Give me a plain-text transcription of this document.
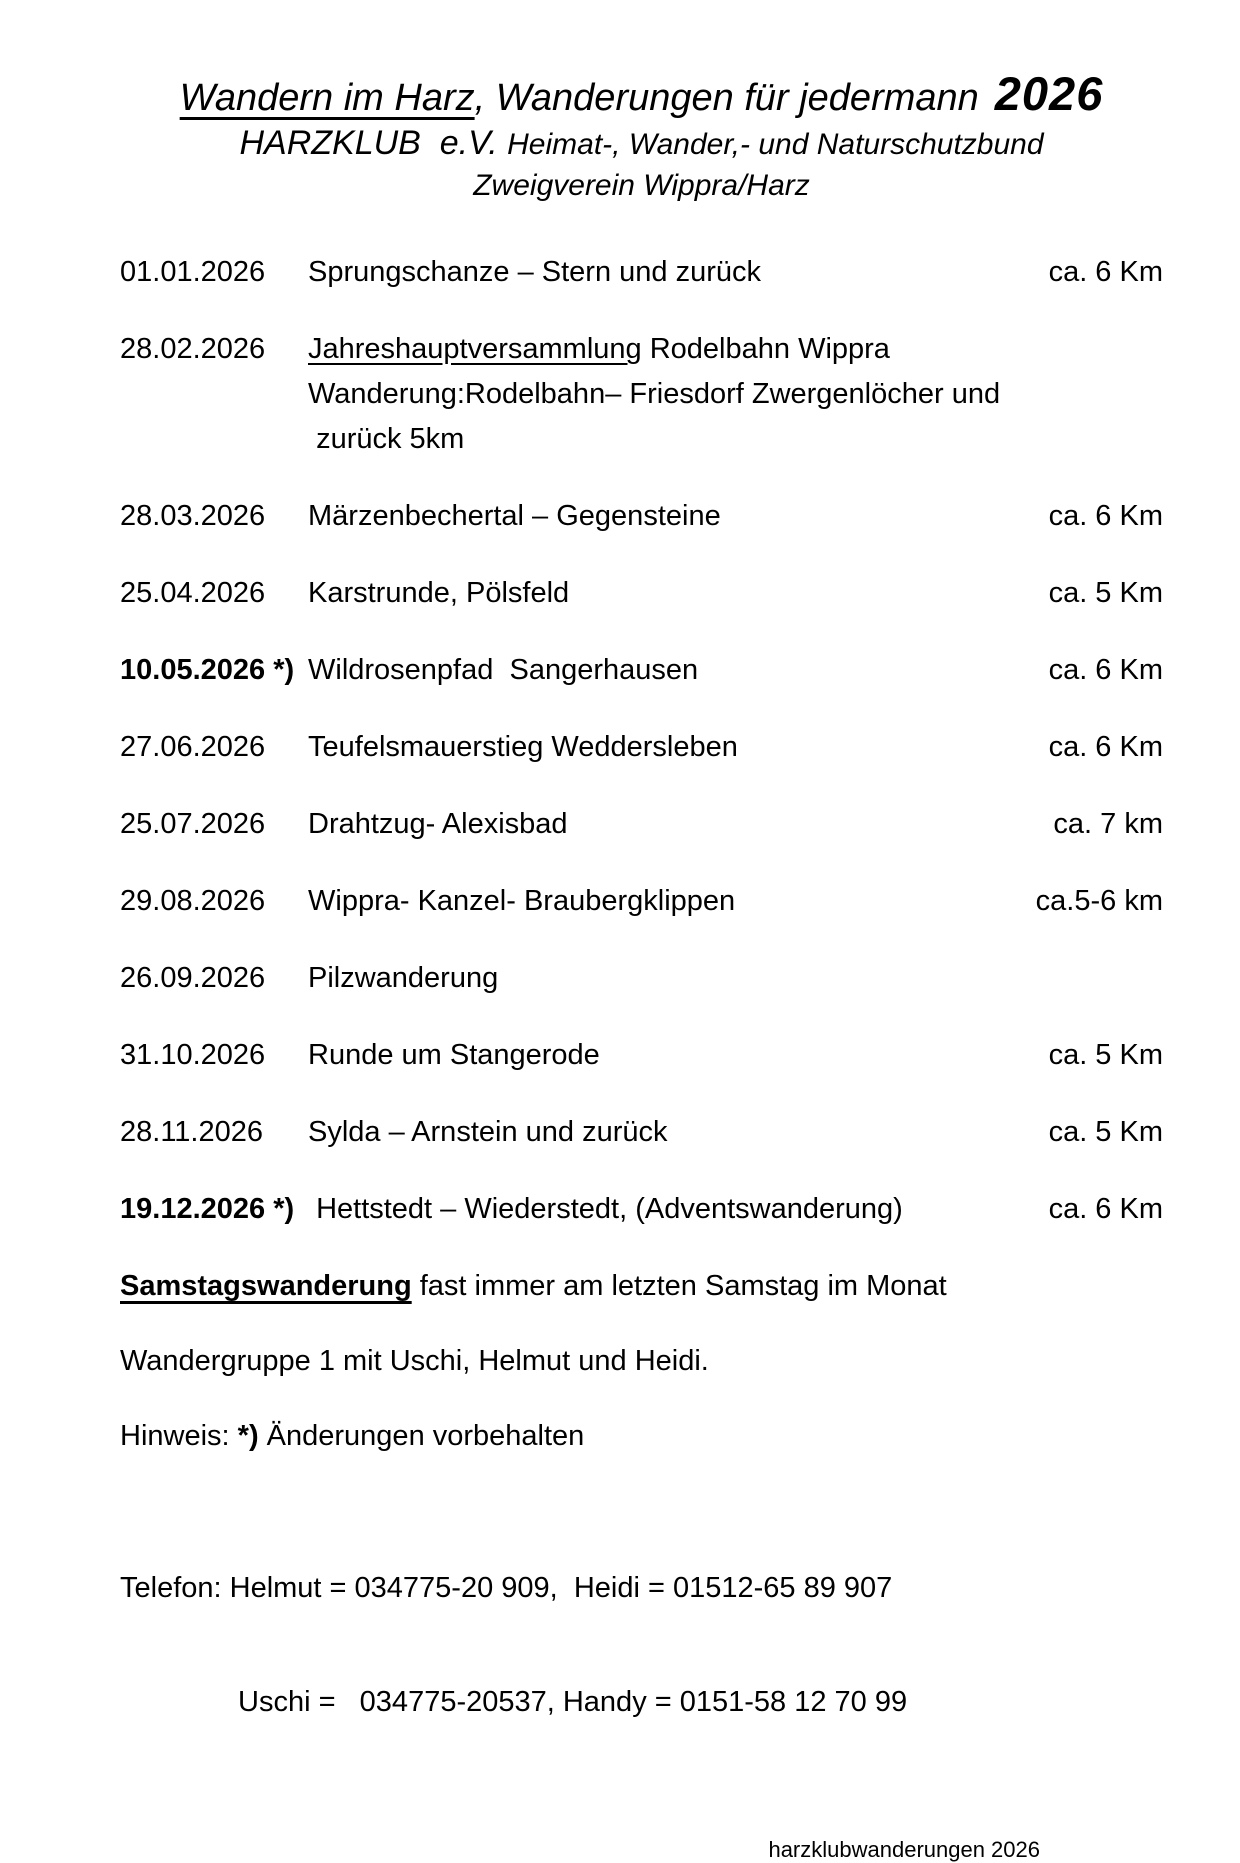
Wandern im Harz, Wanderungen für jedermann 2026
HARZKLUB  e.V. Heimat-, Wander,- und Naturschutzbund
Zweigverein Wippra/Harz
01.01.2026	Sprungschanze – Stern und zurück	ca. 6 Km
28.02.2026	Jahreshauptversammlung Rodelbahn Wippra
Wanderung:Rodelbahn– Friesdorf Zwergenlöcher und
zurück 5km
28.03.2026	Märzenbechertal – Gegensteine	ca. 6 Km
25.04.2026	Karstrunde, Pölsfeld	ca. 5 Km
10.05.2026 *) Wildrosenpfad  Sangerhausen	ca. 6 Km
27.06.2026	Teufelsmauerstieg Weddersleben	ca. 6 Km
25.07.2026	Drahtzug- Alexisbad	ca. 7 km
29.08.2026	Wippra- Kanzel- Braubergklippen	ca.5-6 km
26.09.2026	Pilzwanderung
31.10.2026	Runde um Stangerode	ca. 5 Km
28.11.2026	Sylda – Arnstein und zurück	ca. 5 Km
19.12.2026 *) Hettstedt – Wiederstedt, (Adventswanderung)	ca. 6 Km

Samstagswanderung fast immer am letzten Samstag im Monat

Wandergruppe 1 mit Uschi, Helmut und Heidi.

Hinweis: *) Änderungen vorbehalten

Telefon: Helmut = 034775-20 909,  Heidi = 01512-65 89 907

Uschi =   034775-20537, Handy = 0151-58 12 70 99

harzklubwanderungen 2026
